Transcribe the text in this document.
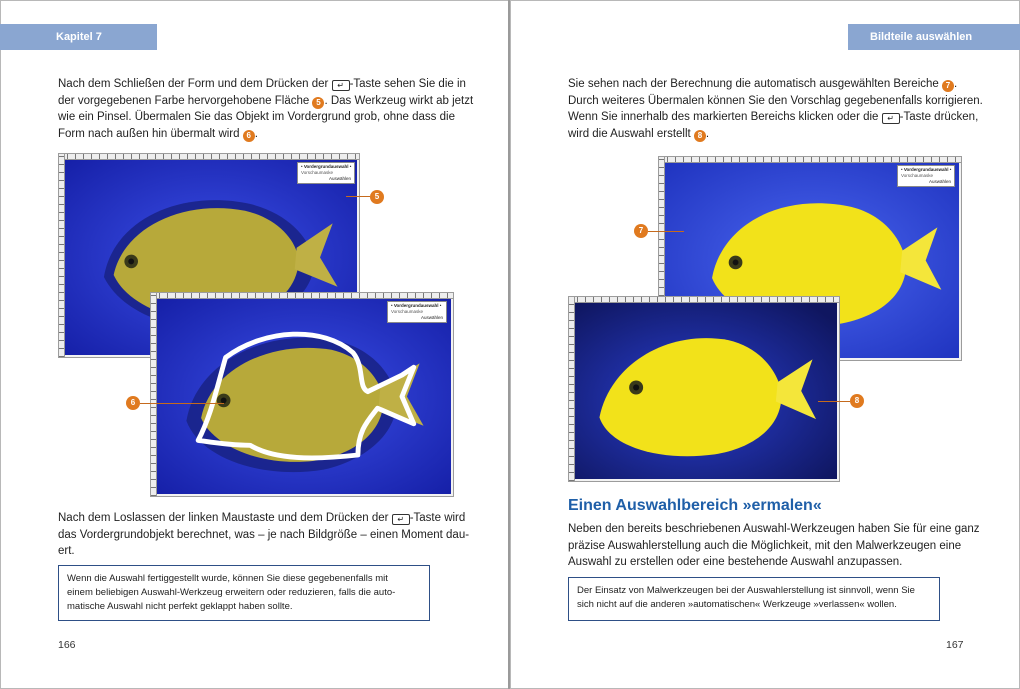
Kapitel 7
Nach dem Schließen der Form und dem Drücken der ↵ -Taste sehen Sie die in
der vorgegebenen Farbe hervorgehobene Fläche 5 . Das Werkzeug wirkt ab jetzt
wie ein Pinsel. Übermalen Sie das Objekt im Vordergrund grob, ohne dass die
Form nach außen hin übermalt wird 6 .
• Vordergrundauswahl •
Vorschaumaske
Auswählen
5
• Vordergrundauswahl •
Vorschaumaske
Auswählen
6
Nach dem Loslassen der linken Maustaste und dem Drücken der ↵ -Taste wird
das Vordergrundobjekt berechnet, was – je nach Bildgröße – einen Moment dau-
ert.
Wenn die Auswahl fertiggestellt wurde, können Sie diese gegebenenfalls mit
einem beliebigen Auswahl-Werkzeug erweitern oder reduzieren, falls die auto-
matische Auswahl nicht perfekt geklappt haben sollte.
166
Bildteile auswählen
Sie sehen nach der Berechnung die automatisch ausgewählten Bereiche 7 .
Durch weiteres Übermalen können Sie den Vorschlag gegebenenfalls korrigieren.
Wenn Sie innerhalb des markierten Bereichs klicken oder die ↵ -Taste drücken,
wird die Auswahl erstellt 8 .
• Vordergrundauswahl •
Vorschaumaske
Auswählen
7
8
Einen Auswahlbereich »ermalen«
Neben den bereits beschriebenen Auswahl-Werkzeugen haben Sie für eine ganz
präzise Auswahlerstellung auch die Möglichkeit, mit den Malwerkzeugen eine
Auswahl zu erstellen oder eine bestehende Auswahl anzupassen.
Der Einsatz von Malwerkzeugen bei der Auswahlerstellung ist sinnvoll, wenn Sie
sich nicht auf die anderen »automatischen« Werkzeuge »verlassen« wollen.
167
